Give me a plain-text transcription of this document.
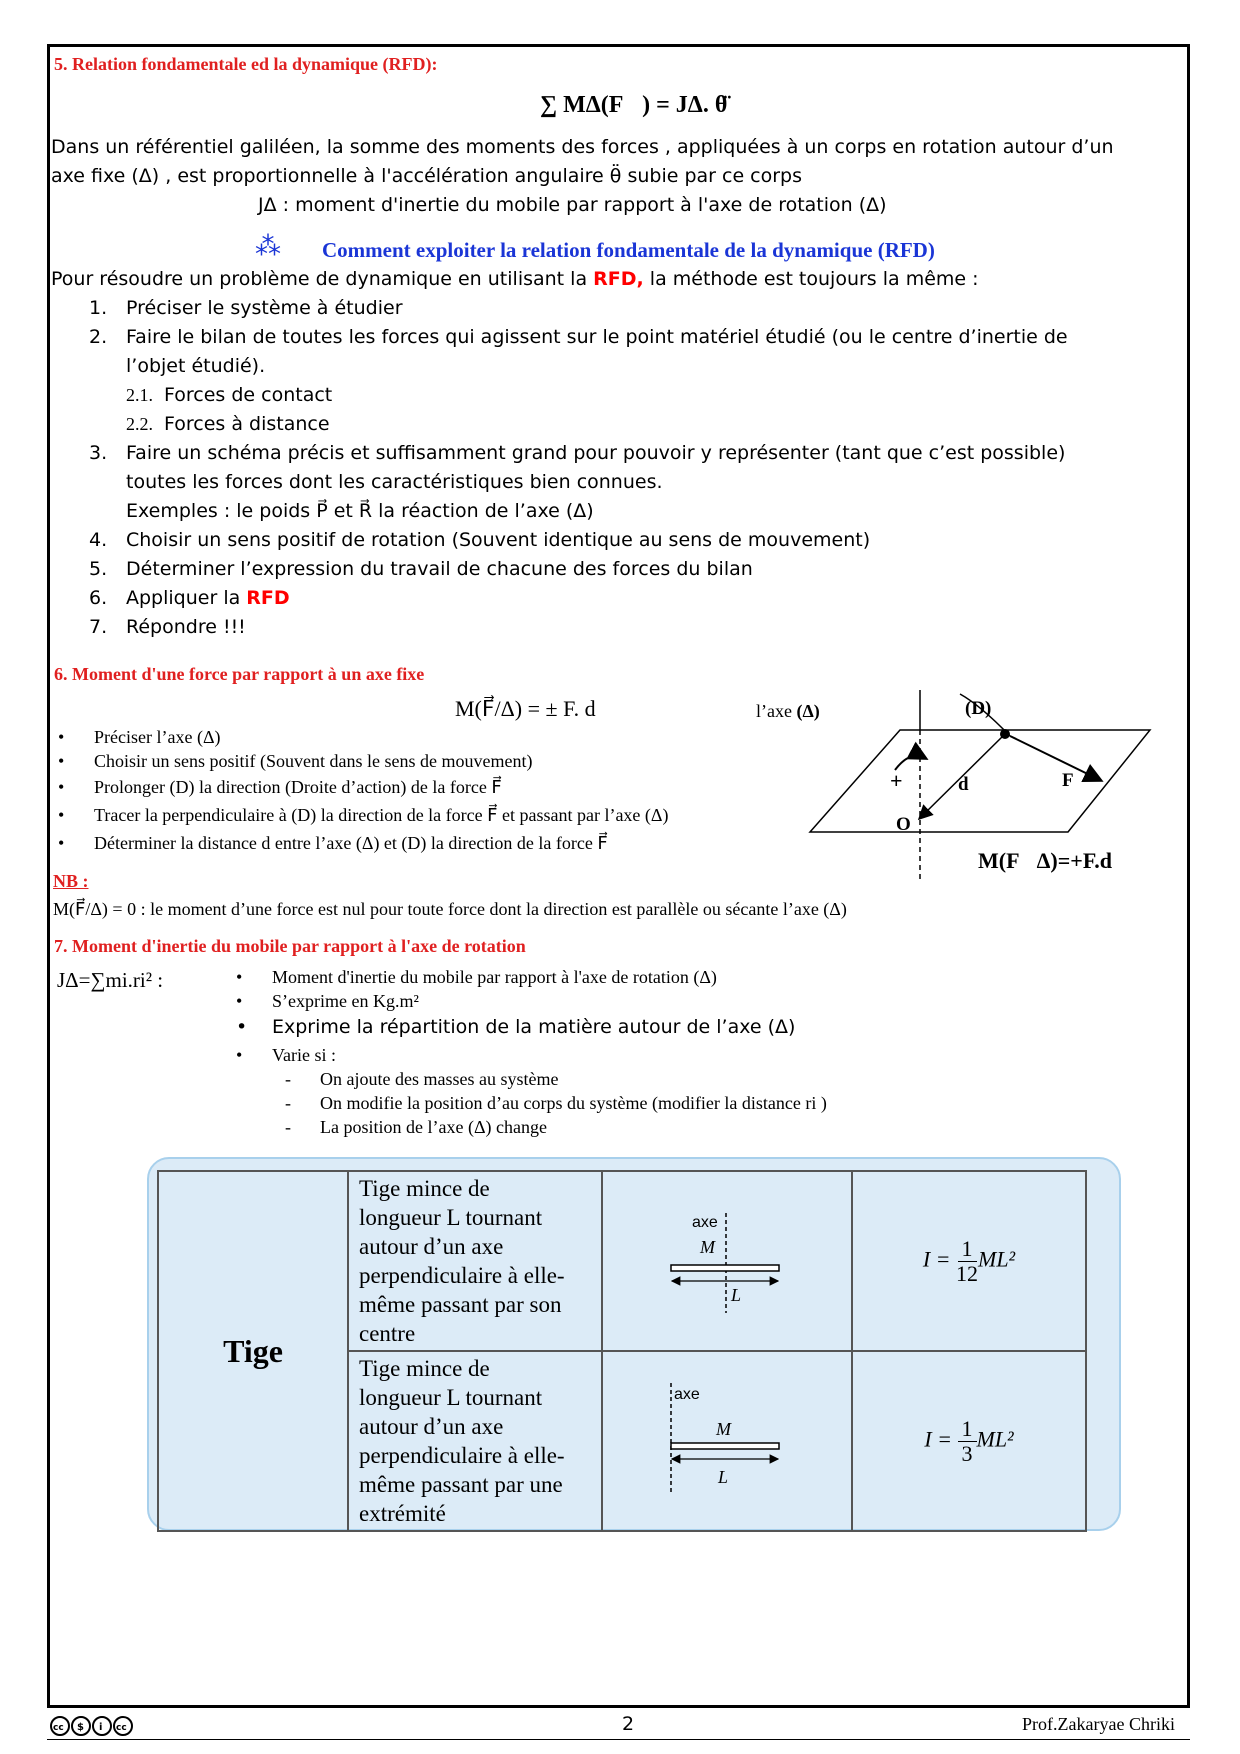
5. Relation fondamentale ed la dynamique (RFD):
∑ MΔ(F⃗) = JΔ. θ̈
Dans un référentiel galiléen, la somme des moments des forces , appliquées à un corps en rotation autour d’un
axe fixe (Δ) , est proportionnelle à l'accélération angulaire θ̈ subie par ce corps
JΔ : moment d'inertie du mobile par rapport à l'axe de rotation (Δ)
⁂ Comment exploiter la relation fondamentale de la dynamique (RFD)
Pour résoudre un problème de dynamique en utilisant la RFD, la méthode est toujours la même :
1. Préciser le système à étudier
2. Faire le bilan de toutes les forces qui agissent sur le point matériel étudié (ou le centre d’inertie de
l’objet étudié).
2.1. Forces de contact
2.2. Forces à distance
3. Faire un schéma précis et suffisamment grand pour pouvoir y représenter (tant que c’est possible)
toutes les forces dont les caractéristiques bien connues.
Exemples : le poids P⃗ et R⃗ la réaction de l’axe (Δ)
4. Choisir un sens positif de rotation (Souvent identique au sens de mouvement)
5. Déterminer l’expression du travail de chacune des forces du bilan
6. Appliquer la RFD
7. Répondre !!!
6. Moment d'une force par rapport à un axe fixe
M(F⃗/Δ) = ± F. d	l’axe (Δ)
• Préciser l’axe (Δ)
• Choisir un sens positif (Souvent dans le sens de mouvement)
• Prolonger (D) la direction (Droite d’action) de la force F⃗
• Tracer la perpendiculaire à (D) la direction de la force F⃗ et passant par l’axe (Δ)
• Déterminer la distance d entre l’axe (Δ) et (D) la direction de la force F⃗
(D)
F
d
O
+
M(F⃗Δ)=+F.d
NB :
M(F⃗/Δ) = 0 : le moment d’une force est nul pour toute force dont la direction est parallèle ou sécante l’axe (Δ)
7. Moment d'inertie du mobile par rapport à l'axe de rotation
JΔ=∑mi.ri² :
•	Moment d'inertie du mobile par rapport à l'axe de rotation (Δ)
• S’exprime en Kg.m²
• Exprime la répartition de la matière autour de l’axe (Δ)
• Varie si :
- On ajoute des masses au système
- On modifie la position d’au corps du système (modifier la distance ri )
- La position de l’axe (Δ) change
Tige	
Tige mince de
longueur L tournant
autour d’un axe
perpendiculaire à elle-
même passant par son
centre

axe
M
L
	$I = \frac{1}{12} ML^2$

Tige mince de
longueur L tournant
autour d’un axe
perpendiculaire à elle-
même passant par une
extrémité

axe
M
L
	$I = \frac{1}{3} ML^2$
cc $ i cc	2	Prof.Zakaryae Chriki
